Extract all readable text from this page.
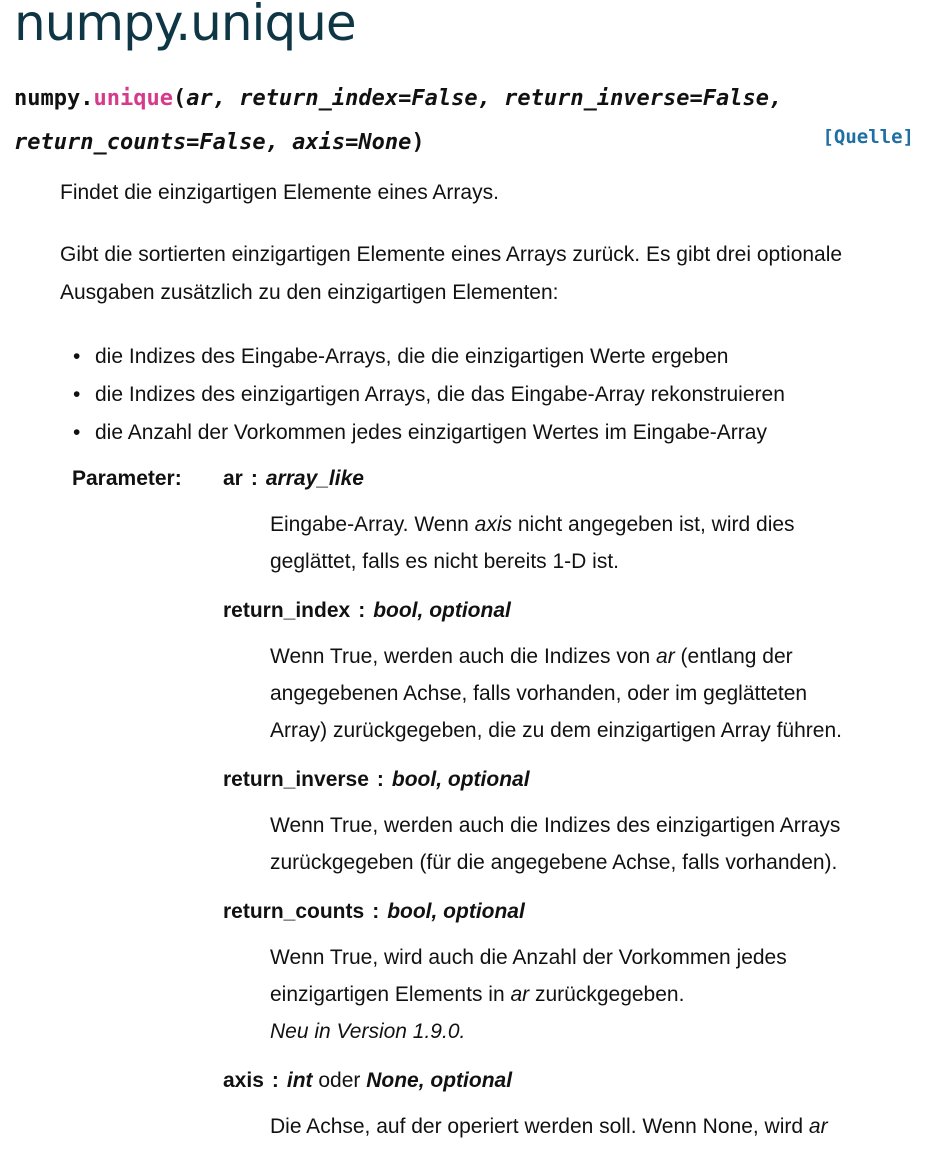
numpy.unique
numpy.unique(ar, return_index=False, return_inverse=False,
return_counts=False, axis=None)	[Quelle]

Findet die einzigartigen Elemente eines Arrays.

Gibt die sortierten einzigartigen Elemente eines Arrays zurück. Es gibt drei optionale Ausgaben zusätzlich zu den einzigartigen Elementen:

• die Indizes des Eingabe-Arrays, die die einzigartigen Werte ergeben
• die Indizes des einzigartigen Arrays, die das Eingabe-Array rekonstruieren
• die Anzahl der Vorkommen jedes einzigartigen Wertes im Eingabe-Array
Parameter: ar : array_like

Eingabe-Array. Wenn axis nicht angegeben ist, wird dies
geglättet, falls es nicht bereits 1-D ist.

return_index : bool, optional

Wenn True, werden auch die Indizes von ar (entlang der
angegebenen Achse, falls vorhanden, oder im geglätteten
Array) zurückgegeben, die zu dem einzigartigen Array führen.

return_inverse : bool, optional

Wenn True, werden auch die Indizes des einzigartigen Arrays
zurückgegeben (für die angegebene Achse, falls vorhanden).

return_counts : bool, optional

Wenn True, wird auch die Anzahl der Vorkommen jedes
einzigartigen Elements in ar zurückgegeben.
Neu in Version 1.9.0.

axis : int oder None, optional

Die Achse, auf der operiert werden soll. Wenn None, wird ar
